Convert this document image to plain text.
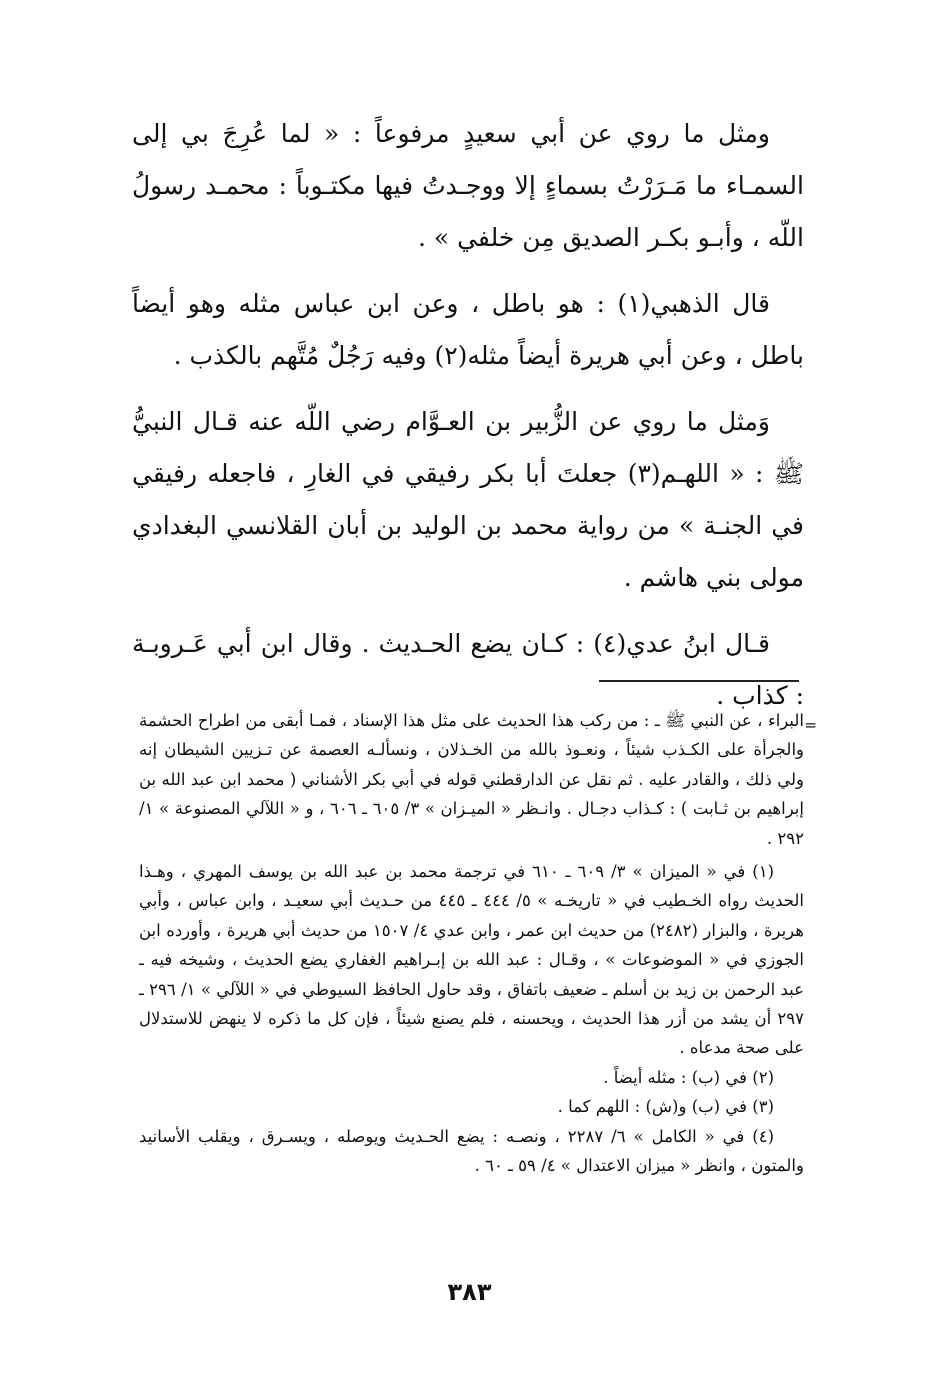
ومثل ما روي عن أبي سعيدٍ مرفوعاً : « لما عُرِجَ بي إلى السمـاء ما مَـرَرْتُ بسماءٍ إلا ووجـدتُ فيها مكتـوباً : محمـد رسولُ اللّه ، وأبـو بكـر الصديق مِن خلفي » .

قال الذهبي(١) : هو باطل ، وعن ابن عباس مثله وهو أيضاً باطل ، وعن أبي هريرة أيضاً مثله(٢) وفيه رَجُلٌ مُتَّهم بالكذب .

وَمثل ما روي عن الزُّبير بن العـوَّام رضي اللّه عنه قـال النبيُّ ﷺ : « اللهـم(٣) جعلتَ أبا بكر رفيقي في الغارِ ، فاجعله رفيقي في الجنـة » من رواية محمد بن الوليد بن أبان القلانسي البغدادي مولى بني هاشم .

قـال ابنُ عدي(٤) : كـان يضع الحـديث . وقال ابن أبي عَـروبـة : كذاب .

=

البراء ، عن النبي ﷺ ـ : من ركب هذا الحديث على مثل هذا الإسناد ، فمـا أبقى من اطراح الحشمة والجرأة على الكـذب شيئاً ، ونعـوذ بالله من الخـذلان ، ونسألـه العصمة عن تـزيين الشيطان إنه ولي ذلك ، والقادر عليه . ثم نقل عن الدارقطني قوله في أبي بكر الأشناني ( محمد ابن عبد الله بن إبراهيم بن ثـابت ) : كـذاب دجـال . وانـظر « الميـزان » ٣/ ٦٠٥ ـ ٦٠٦ ، و « اللآلي المصنوعة » ١/ ٢٩٢ .

(١) في « الميزان » ٣/ ٦٠٩ ـ ٦١٠ في ترجمة محمد بن عبد الله بن يوسف المهري ، وهـذا الحديث رواه الخـطيب في « تاريخـه » ٥/ ٤٤٤ ـ ٤٤٥ من حـديث أبي سعيـد ، وابن عباس ، وأبي هريرة ، والبزار (٢٤٨٢) من حديث ابن عمر ، وابن عدي ٤/ ١٥٠٧ من حديث أبي هريرة ، وأورده ابن الجوزي في « الموضوعات » ، وقـال : عبد الله بن إبـراهيم الغفاري يضع الحديث ، وشيخه فيه ـ عبد الرحمن بن زيد بن أسلم ـ ضعيف باتفاق ، وقد حاول الحافظ السيوطي في « اللآلي » ١/ ٢٩٦ ـ ٢٩٧ أن يشد من أزر هذا الحديث ، ويحسنه ، فلم يصنع شيئاً ، فإن كل ما ذكره لا ينهض للاستدلال على صحة مدعاه .

(٢) في (ب) : مثله أيضاً .

(٣) في (ب) و(ش) : اللهم كما .

(٤) في « الكامل » ٦/ ٢٢٨٧ ، ونصـه : يضع الحـديث ويوصله ، ويسـرق ، ويقلب الأسانيد والمتون ، وانظر « ميزان الاعتدال » ٤/ ٥٩ ـ ٦٠ .

٣٨٣
